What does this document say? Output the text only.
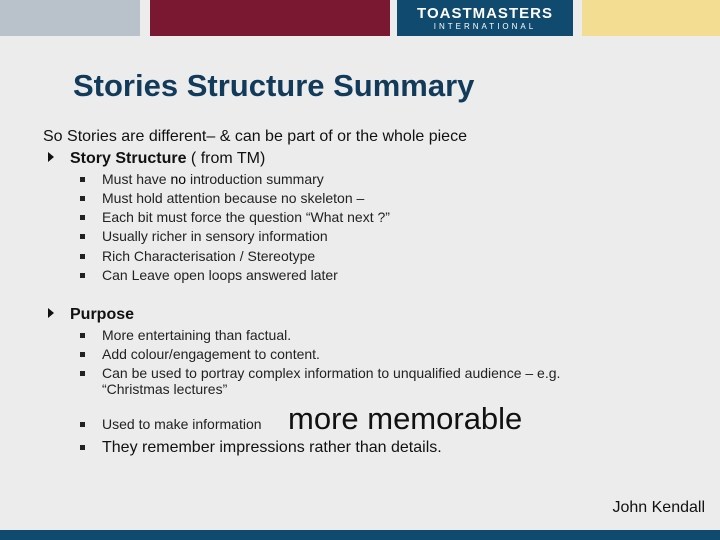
TOASTMASTERS
INTERNATIONAL
Stories Structure Summary
So Stories are different– & can be part of or the whole piece
Story Structure ( from TM)
Must have no introduction summary
Must hold attention because no skeleton –
Each bit must force the question “What next ?”
Usually richer in sensory information
Rich Characterisation / Stereotype
Can Leave open loops answered later
Purpose
More entertaining than factual.
Add colour/engagement to content.
Can be used to portray complex information to unqualified audience – e.g.
“Christmas lectures”
Used to make information more memorable
They remember impressions rather than details.
John Kendall
